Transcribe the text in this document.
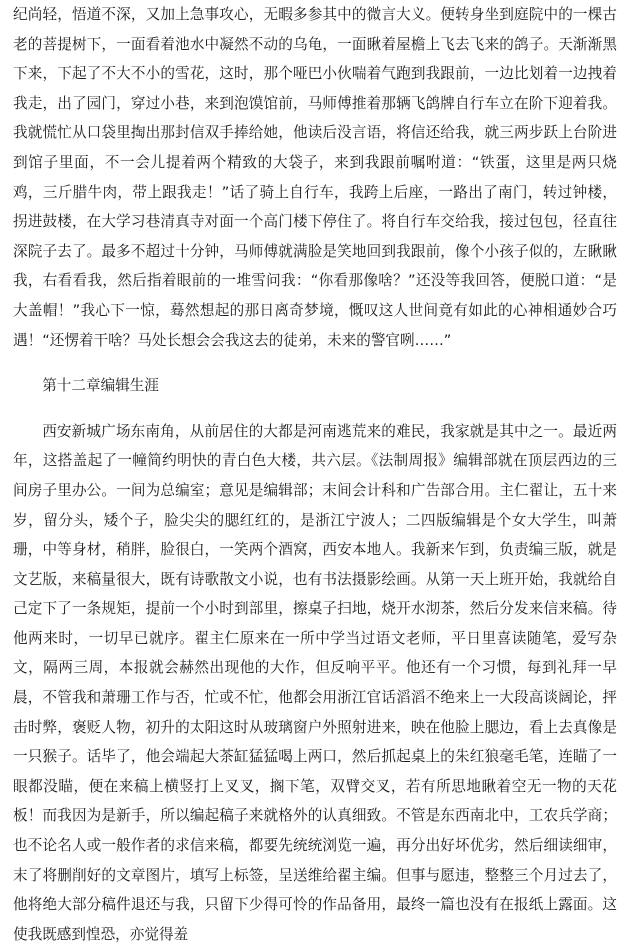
纪尚轻，悟道不深，又加上急事攻心，无暇多参其中的微言大义。便转身坐到庭院中的一棵古老的菩提树下，一面看着池水中凝然不动的乌龟，一面瞅着屋檐上飞去飞来的鸽子。天渐渐黑下来，下起了不大不小的雪花，这时，那个哑巴小伙喘着气跑到我跟前，一边比划着一边拽着我走，出了园门，穿过小巷，来到泡馍馆前，马师傅推着那辆飞鸽牌自行车立在阶下迎着我。我就慌忙从口袋里掏出那封信双手捧给她，他读后没言语，将信还给我，就三两步跃上台阶进到馆子里面，不一会儿提着两个精致的大袋子，来到我跟前嘱咐道：“铁蛋，这里是两只烧鸡，三斤腊牛肉，带上跟我走！”话了骑上自行车，我跨上后座，一路出了南门，转过钟楼，拐进鼓楼，在大学习巷清真寺对面一个高门楼下停住了。将自行车交给我，接过包包，径直往深院子去了。最多不超过十分钟，马师傅就满脸是笑地回到我跟前，像个小孩子似的，左瞅瞅我，右看看我，然后指着眼前的一堆雪问我：“你看那像啥？”还没等我回答，便脱口道：“是大盖帽！”我心下一惊，蓦然想起的那日离奇梦境，慨叹这人世间竟有如此的心神相通妙合巧遇！“还愣着干啥？马处长想会会我这去的徒弟，未来的警官咧……”

第十二章编辑生涯

西安新城广场东南角，从前居住的大都是河南逃荒来的难民，我家就是其中之一。最近两年，这搭盖起了一幢简约明快的青白色大楼，共六层。《法制周报》编辑部就在顶层西边的三间房子里办公。一间为总编室；意见是编辑部；末间会计科和广告部合用。主仁翟让，五十来岁，留分头，矮个子，脸尖尖的腮红红的，是浙江宁波人；二四版编辑是个女大学生，叫萧珊，中等身材，稍胖，脸很白，一笑两个酒窝，西安本地人。我新来乍到，负责编三版，就是文艺版，来稿量很大，既有诗歌散文小说，也有书法摄影绘画。从第一天上班开始，我就给自己定下了一条规矩，提前一个小时到部里，擦桌子扫地，烧开水沏茶，然后分发来信来稿。待他两来时，一切早已就序。翟主仁原来在一所中学当过语文老师，平日里喜读随笔，爱写杂文，隔两三周，本报就会赫然出现他的大作，但反响平平。他还有一个习惯，每到礼拜一早晨，不管我和萧珊工作与否，忙或不忙，他都会用浙江官话滔滔不绝来上一大段高谈阔论，抨击时弊，褒贬人物，初升的太阳这时从玻璃窗户外照射进来，映在他脸上腮边，看上去真像是一只猴子。话毕了，他会端起大茶缸猛猛喝上两口，然后抓起桌上的朱红狼毫毛笔，连瞄了一眼都没瞄，便在来稿上横竖打上叉叉，搁下笔，双臂交叉，若有所思地瞅着空无一物的天花板！而我因为是新手，所以编起稿子来就格外的认真细致。不管是东西南北中，工农兵学商；也不论名人或一般作者的求信来稿，都要先统统浏览一遍，再分出好坏优劣，然后细读细审，末了将删削好的文章图片，填写上标签，呈送维给翟主编。但事与愿违，整整三个月过去了，他将绝大部分稿件退还与我，只留下少得可怜的作品备用，最终一篇也没有在报纸上露面。这使我既感到惶恐，亦觉得羞
